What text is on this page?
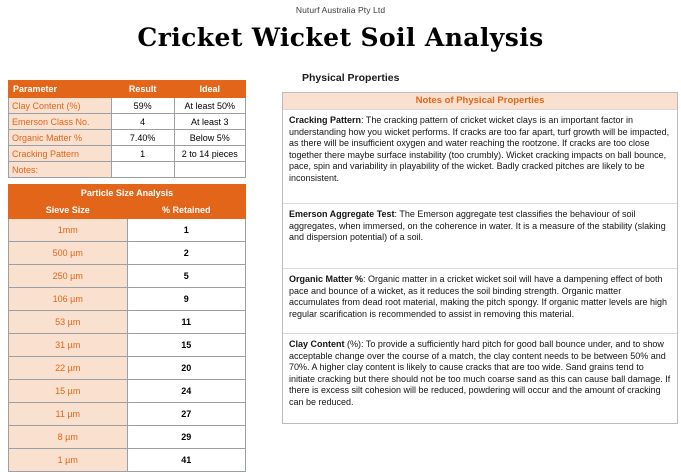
Nuturf Australia Pty Ltd
Cricket Wicket Soil Analysis
Parameter	Result	Ideal
Clay Content (%)	59%	At least 50%
Emerson Class No.	4	At least 3
Organic Matter %	7.40%	Below 5%
Cracking Pattern	1	2 to 14 pieces
Notes:		
Particle Size Analysis	
Sieve Size	% Retained
1mm	1
500 µm	2
250 µm	5
106 µm	9
53 µm	11
31 µm	15
22 µm	20
15 µm	24
11 µm	27
8 µm	29
1 µm	41
Physical Properties
Notes of Physical Properties
Cracking Pattern: The cracking pattern of cricket wicket clays is an important factor in understanding how you wicket performs. If cracks are too far apart, turf growth will be impacted, as there will be insufficient oxygen and water reaching the rootzone. If cracks are too close together there maybe surface instability (too crumbly). Wicket cracking impacts on ball bounce, pace, spin and variability in playability of the wicket. Badly cracked pitches are likely to be inconsistent.
Emerson Aggregate Test: The Emerson aggregate test classifies the behaviour of soil aggregates, when immersed, on the coherence in water. It is a measure of the stability (slaking and dispersion potential) of a soil.
Organic Matter %: Organic matter in a cricket wicket soil will have a dampening effect of both pace and bounce of a wicket, as it reduces the soil binding strength. Organic matter accumulates from dead root material, making the pitch spongy. If organic matter levels are high regular scarification is recommended to assist in removing this material.
Clay Content (%): To provide a sufficiently hard pitch for good ball bounce under, and to show acceptable change over the course of a match, the clay content needs to be between 50% and 70%. A higher clay content is likely to cause cracks that are too wide. Sand grains tend to initiate cracking but there should not be too much coarse sand as this can cause ball damage. If there is excess silt cohesion will be reduced, powdering will occur and the amount of cracking can be reduced.
